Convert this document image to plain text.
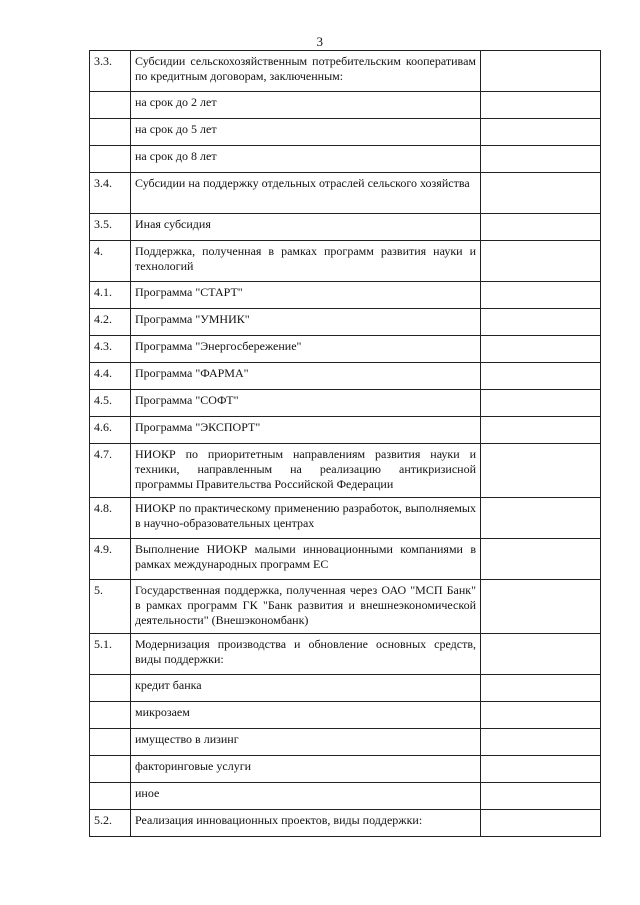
3
3.3.	Субсидии сельскохозяйственным потребительским кооперативам по кредитным договорам, заключенным:	
	на срок до 2 лет	
	на срок до 5 лет	
	на срок до 8 лет	
3.4.	Субсидии на поддержку отдельных отраслей сельского хозяйства	
3.5.	Иная субсидия	
4.	Поддержка, полученная в рамках программ развития науки и технологий	
4.1.	Программа "СТАРТ"	
4.2.	Программа "УМНИК"	
4.3.	Программа "Энергосбережение"	
4.4.	Программа "ФАРМА"	
4.5.	Программа "СОФТ"	
4.6.	Программа "ЭКСПОРТ"	
4.7.	НИОКР по приоритетным направлениям развития науки и техники, направленным на реализацию антикризисной программы Правительства Российской Федерации	
4.8.	НИОКР по практическому применению разработок, выполняемых в научно-образовательных центрах	
4.9.	Выполнение НИОКР малыми инновационными компаниями в рамках международных программ ЕС	
5.	Государственная поддержка, полученная через ОАО "МСП Банк" в рамках программ ГК "Банк развития и внешнеэкономической деятельности" (Внешэкономбанк)	
5.1.	Модернизация производства и обновление основных средств, виды поддержки:	
	кредит банка	
	микрозаем	
	имущество в лизинг	
	факторинговые услуги	
	иное	
5.2.	Реализация инновационных проектов, виды поддержки:	
